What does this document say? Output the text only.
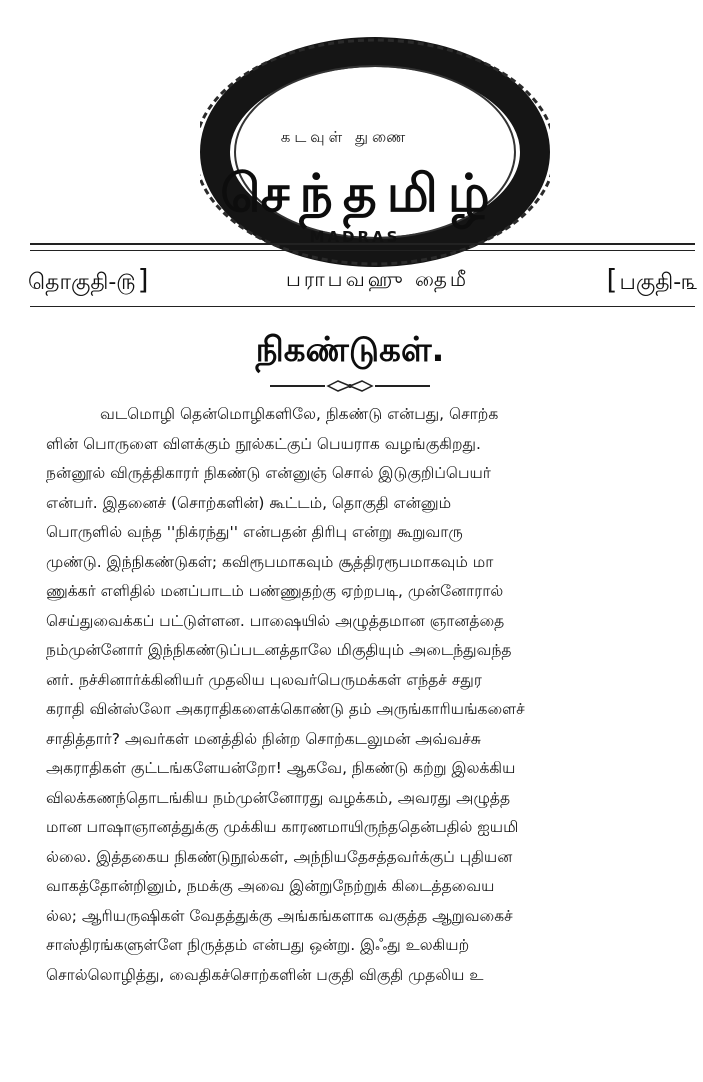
கடவுள் துணை
செந்தமிழ்
MADRAS
தொகுதி-௫ ]	பராபவஹு தைமீ
[	பகுதி-௩
நிகண்டுகள்.
வடமொழி தென்மொழிகளிலே, நிகண்டு என்பது, சொற்க
ளின் பொருளை விளக்கும் நூல்கட்குப் பெயராக வழங்குகிறது.
நன்னூல் விருத்திகாரர் நிகண்டு என்னுஞ் சொல் இடுகுறிப்பெயர்
என்பர். இதனைச் (சொற்களின்) கூட்டம், தொகுதி என்னும்
பொருளில் வந்த ''நிக்ரந்து'' என்பதன் திரிபு என்று கூறுவாரு
முண்டு. இந்நிகண்டுகள்; கவிரூபமாகவும் சூத்திரரூபமாகவும் மா
ணுக்கர் எளிதில் மனப்பாடம் பண்ணுதற்கு ஏற்றபடி, முன்னோரால்
செய்துவைக்கப் பட்டுள்ளன. பாஷையில் அழுத்தமான ஞானத்தை
நம்முன்னோர் இந்நிகண்டுப்படனத்தாலே மிகுதியும் அடைந்துவந்த
னர். நச்சினார்க்கினியர் முதலிய புலவர்பெருமக்கள் எந்தச் சதுர
கராதி வின்ஸ்லோ அகராதிகளைக்கொண்டு தம் அருங்காரியங்களைச்
சாதித்தார்? அவர்கள் மனத்தில் நின்ற சொற்கடலுமன் அவ்வச்சு
அகராதிகள் குட்டங்களேயன்றோ! ஆகவே, நிகண்டு கற்று இலக்கிய
விலக்கணந்தொடங்கிய நம்முன்னோரது வழக்கம், அவரது அழுத்த
மான பாஷாஞானத்துக்கு முக்கிய காரணமாயிருந்ததென்பதில் ஐயமி
ல்லை. இத்தகைய நிகண்டுநூல்கள், அந்நியதேசத்தவர்க்குப் புதியன
வாகத்தோன்றினும், நமக்கு அவை இன்றுநேற்றுக் கிடைத்தவைய
ல்ல; ஆரியருஷிகள் வேதத்துக்கு அங்கங்களாக வகுத்த ஆறுவகைச்
சாஸ்திரங்களுள்ளே நிருத்தம் என்பது ஒன்று. இஃது உலகியற்
சொல்லொழித்து, வைதிகச்சொற்களின் பகுதி விகுதி முதலிய உ
